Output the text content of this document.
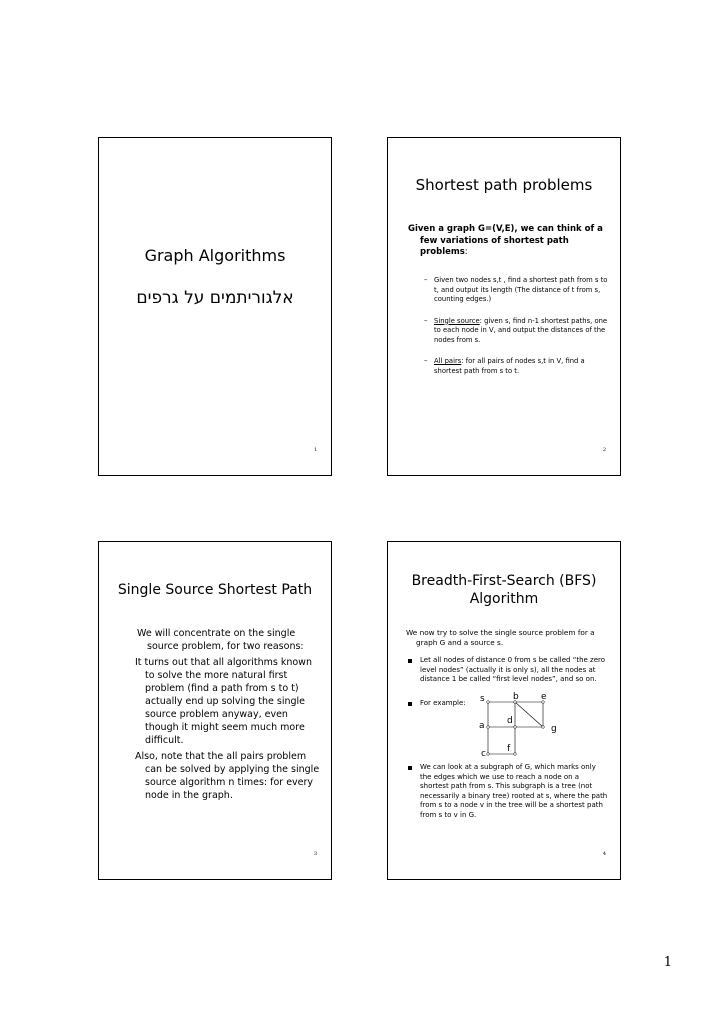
Graph Algorithms
אלגוריתמים על גרפים
1
Shortest path problems
Given a graph G=(V,E), we can think of a few variations of shortest path problems:
– Given two nodes s,t , find a shortest path from s to t, and output its length (The distance of t from s, counting edges.)
– Single source: given s, find n-1 shortest paths, one to each node in V, and output the distances of the nodes from s.
– All pairs: for all pairs of nodes s,t in V, find a shortest path from s to t.
2
Single Source Shortest Path
We will concentrate on the single source problem, for two reasons:
It turns out that all algorithms known to solve the more natural first problem (find a path from s to t) actually end up solving the single source problem anyway, even though it might seem much more difficult.
Also, note that the all pairs problem can be solved by applying the single source algorithm n times: for every node in the graph.
3
Breadth-First-Search (BFS)
Algorithm
We now try to solve the single source problem for a graph G and a source s.
Let all nodes of distance 0 from s be called “the zero level nodes” (actually it is only s), all the nodes at distance 1 be called “first level nodes”, and so on.
For example:	s	b e
a d
g
c f
We can look at a subgraph of G, which marks only the edges which we use to reach a node on a shortest path from s. This subgraph is a tree (not necessarily a binary tree) rooted at s, where the path from s to a node v in the tree will be a shortest path from s to v in G.
4
1
